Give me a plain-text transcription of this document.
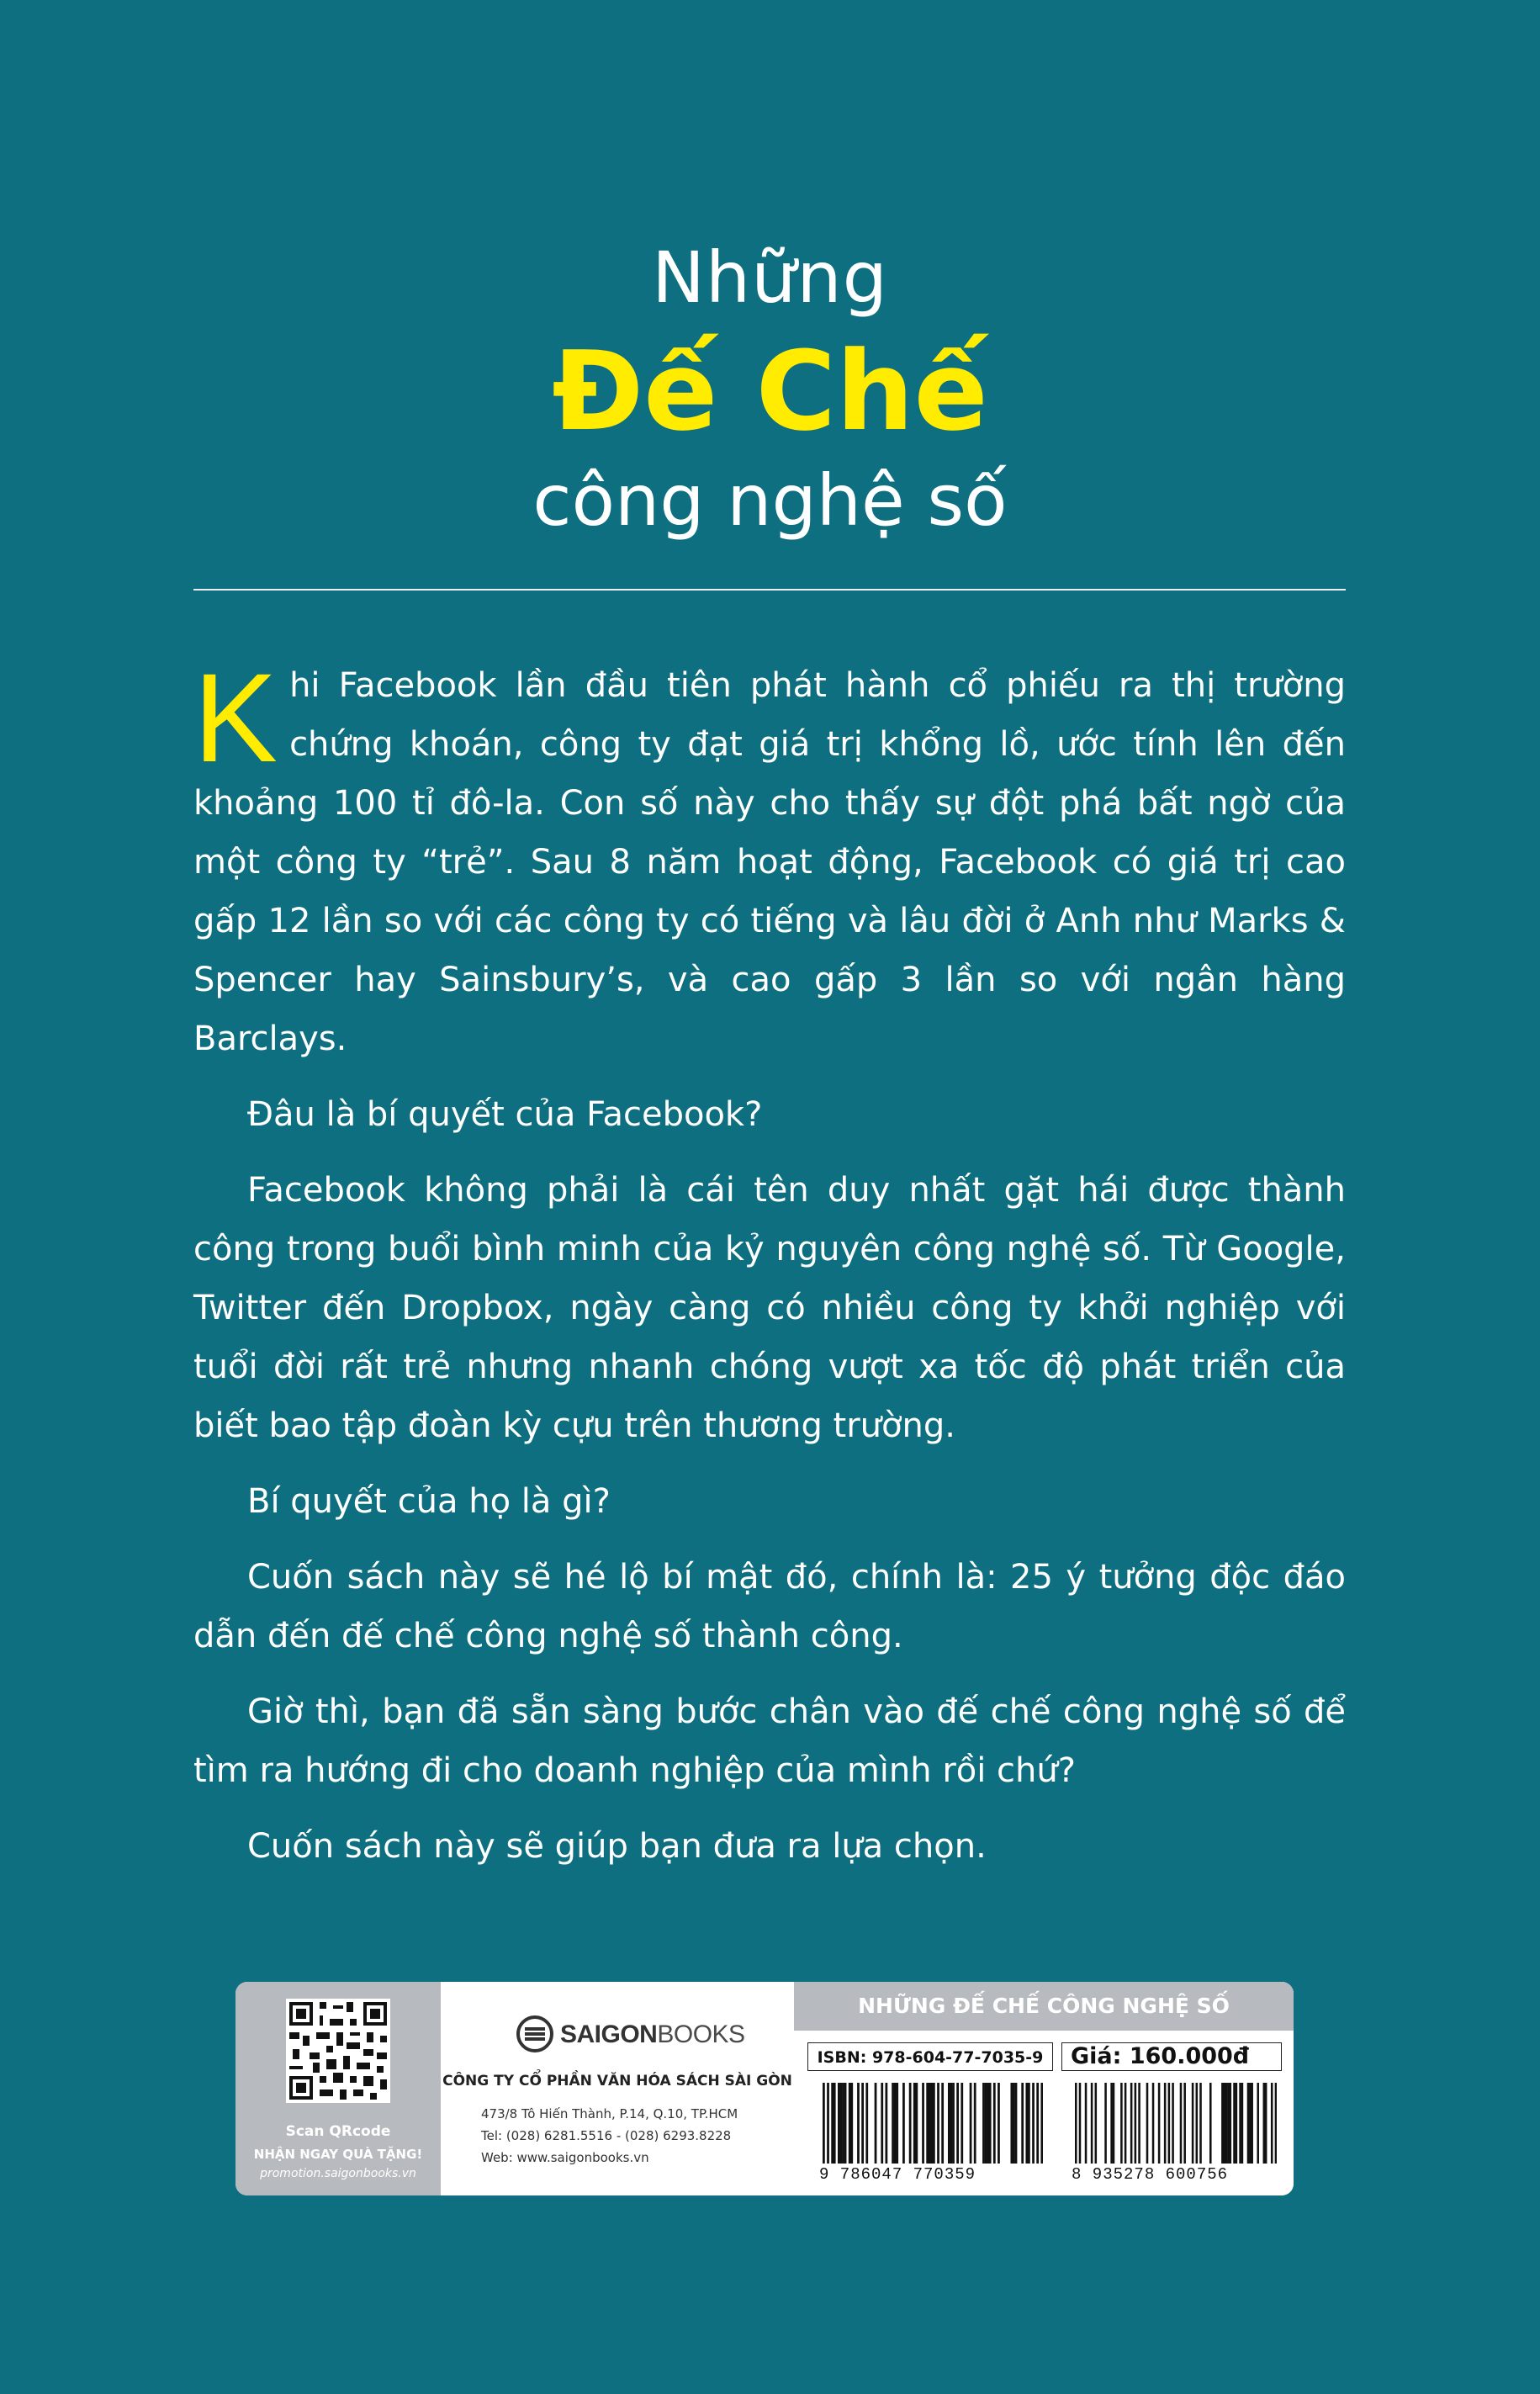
Những
Đế Chế
công nghệ số

Khi Facebook lần đầu tiên phát hành cổ phiếu ra thị trường chứng khoán, công ty đạt giá trị khổng lồ, ước tính lên đến khoảng 100 tỉ đô-la. Con số này cho thấy sự đột phá bất ngờ của một công ty “trẻ”. Sau 8 năm hoạt động, Facebook có giá trị cao gấp 12 lần so với các công ty có tiếng và lâu đời ở Anh như Marks & Spencer hay Sainsbury’s, và cao gấp 3 lần so với ngân hàng Barclays.

Đâu là bí quyết của Facebook?

Facebook không phải là cái tên duy nhất gặt hái được thành công trong buổi bình minh của kỷ nguyên công nghệ số. Từ Google, Twitter đến Dropbox, ngày càng có nhiều công ty khởi nghiệp với tuổi đời rất trẻ nhưng nhanh chóng vượt xa tốc độ phát triển của biết bao tập đoàn kỳ cựu trên thương trường.

Bí quyết của họ là gì?

Cuốn sách này sẽ hé lộ bí mật đó, chính là: 25 ý tưởng độc đáo dẫn đến đế chế công nghệ số thành công.

Giờ thì, bạn đã sẵn sàng bước chân vào đế chế công nghệ số để tìm ra hướng đi cho doanh nghiệp của mình rồi chứ?

Cuốn sách này sẽ giúp bạn đưa ra lựa chọn.

Scan QRcode
NHẬN NGAY QUÀ TẶNG!
promotion.saigonbooks.vn
SAIGONBOOKS
CÔNG TY CỔ PHẦN VĂN HÓA SÁCH SÀI GÒN
473/8 Tô Hiến Thành, P.14, Q.10, TP.HCM
Tel: (028) 6281.5516 - (028) 6293.8228
Web: www.saigonbooks.vn
NHỮNG ĐẾ CHẾ CÔNG NGHỆ SỐ
ISBN: 978-604-77-7035-9	Giá: 160.000đ
9 786047 770359	8 935278 600756
